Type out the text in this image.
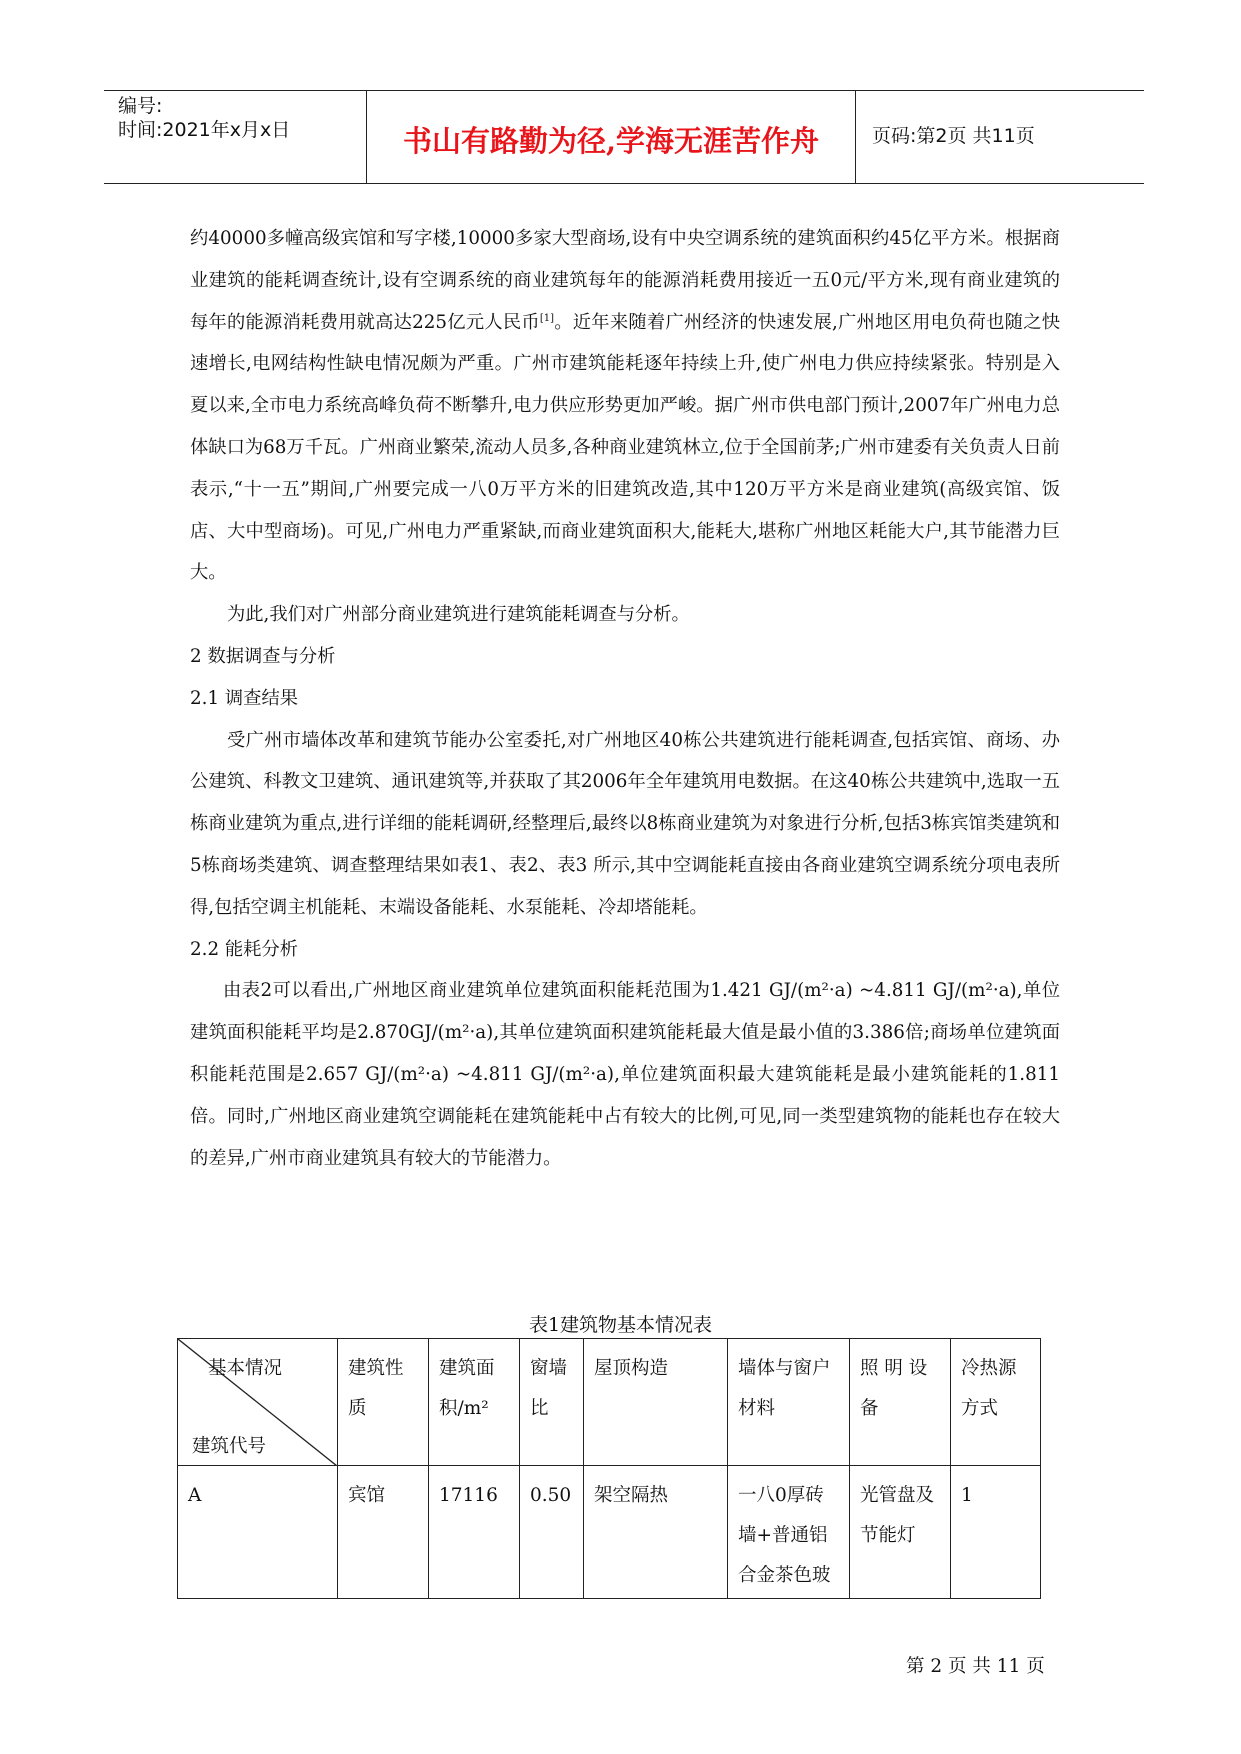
编号:
时间:2021年x月x日	书山有路勤为径,学海无涯苦作舟	页码:第2页 共11页

约40000多幢高级宾馆和写字楼,10000多家大型商场,设有中央空调系统的建筑面积约45亿平方米。根据商业建筑的能耗调查统计,设有空调系统的商业建筑每年的能源消耗费用接近一五0元/平方米,现有商业建筑的每年的能源消耗费用就高达225亿元人民币[1]。近年来随着广州经济的快速发展,广州地区用电负荷也随之快速增长,电网结构性缺电情况颇为严重。广州市建筑能耗逐年持续上升,使广州电力供应持续紧张。特别是入夏以来,全市电力系统高峰负荷不断攀升,电力供应形势更加严峻。据广州市供电部门预计,2007年广州电力总体缺口为68万千瓦。广州商业繁荣,流动人员多,各种商业建筑林立,位于全国前茅;广州市建委有关负责人日前表示,“十一五”期间,广州要完成一八0万平方米的旧建筑改造,其中120万平方米是商业建筑(高级宾馆、饭店、大中型商场)。可见,广州电力严重紧缺,而商业建筑面积大,能耗大,堪称广州地区耗能大户,其节能潜力巨大。

为此,我们对广州部分商业建筑进行建筑能耗调查与分析。

2 数据调查与分析

2.1 调查结果

受广州市墙体改革和建筑节能办公室委托,对广州地区40栋公共建筑进行能耗调查,包括宾馆、商场、办公建筑、科教文卫建筑、通讯建筑等,并获取了其2006年全年建筑用电数据。在这40栋公共建筑中,选取一五栋商业建筑为重点,进行详细的能耗调研,经整理后,最终以8栋商业建筑为对象进行分析,包括3栋宾馆类建筑和5栋商场类建筑、调查整理结果如表1、表2、表3 所示,其中空调能耗直接由各商业建筑空调系统分项电表所得,包括空调主机能耗、末端设备能耗、水泵能耗、冷却塔能耗。

2.2 能耗分析

由表2可以看出,广州地区商业建筑单位建筑面积能耗范围为1.421 GJ/(m²·a) ~4.811 GJ/(m²·a),单位建筑面积能耗平均是2.870GJ/(m²·a),其单位建筑面积建筑能耗最大值是最小值的3.386倍;商场单位建筑面积能耗范围是2.657 GJ/(m²·a) ~4.811 GJ/(m²·a),单位建筑面积最大建筑能耗是最小建筑能耗的1.811倍。同时,广州地区商业建筑空调能耗在建筑能耗中占有较大的比例,可见,同一类型建筑物的能耗也存在较大的差异,广州市商业建筑具有较大的节能潜力。

表1建筑物基本情况表
基本情况
建筑代号	建筑性质	建筑面积/m²	窗墙比	屋顶构造	墙体与窗户材料	照 明 设 备	冷热源方式
A	宾馆	17116	0.50	架空隔热	一八0厚砖墙+普通铝合金茶色玻	光管盘及节能灯	1
第 2 页 共 11 页
